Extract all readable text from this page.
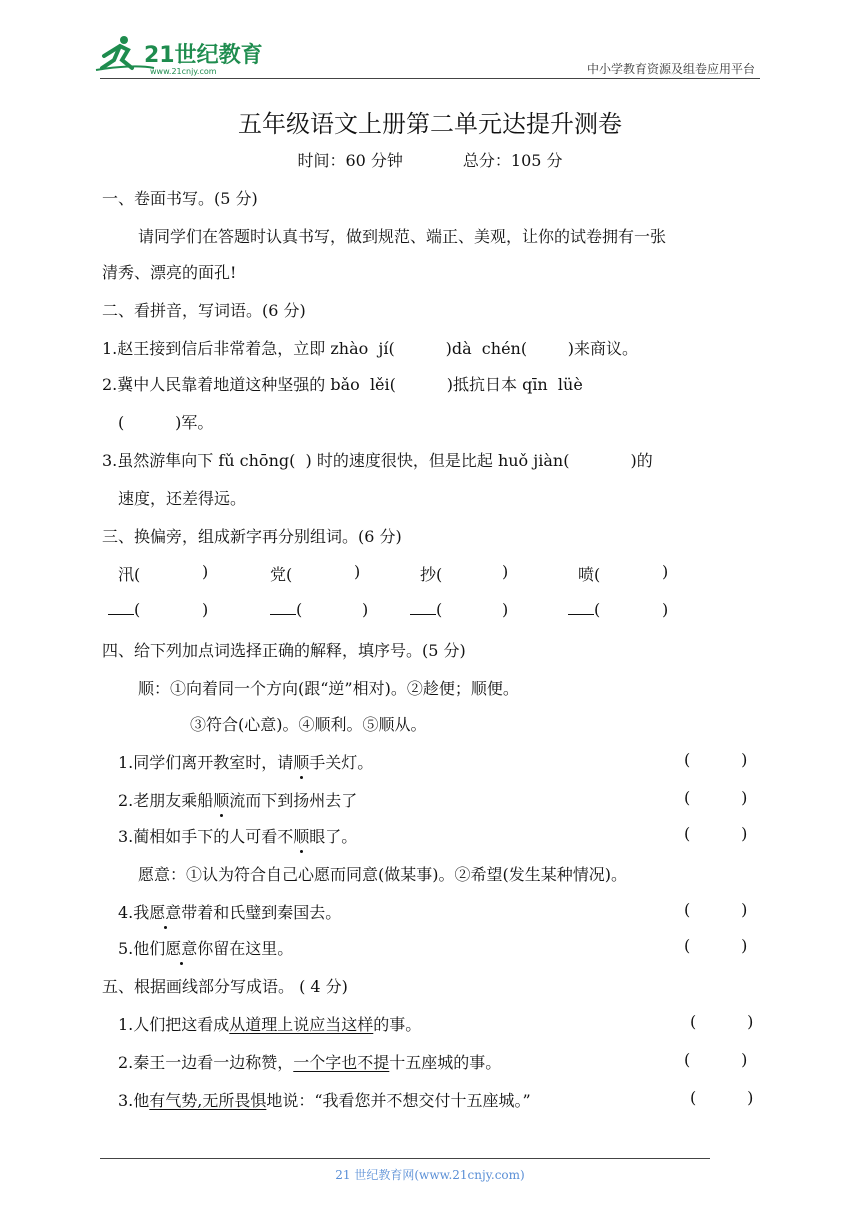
21世纪教育
www.21cnjy.com	中小学教育资源及组卷应用平台
五年级语文上册第二单元达提升测卷
时间：60 分钟	总分：105 分
一、卷面书写。(5 分)
请同学们在答题时认真书写，做到规范、端正、美观，让你的试卷拥有一张
清秀、漂亮的面孔!
二、看拼音，写词语。(6 分)
1.赵王接到信后非常着急，立即 zhào  jí(          )dà  chén(        )来商议。
2.冀中人民靠着地道这种坚强的 bǎo  lěi(          )抵抗日本 qīn  lüè
(          )军。
3.虽然游隼向下 fǔ chōng(  ) 时的速度很快，但是比起 huǒ jiàn(            )的
速度，还差得远。
三、换偏旁，组成新字再分别组词。(6 分)
汛(	)	党(	)	抄(	)	喷(	)
(	)	(	)	(	)	(	)
四、给下列加点词选择正确的解释，填序号。(5 分)
顺：①向着同一个方向(跟“逆”相对)。②趁便；顺便。
③符合(心意)。④顺利。⑤顺从。
1.同学们离开教室时，请顺手关灯。	(          )
2.老朋友乘船顺流而下到扬州去了	(          )
3.蔺相如手下的人可看不顺眼了。	(          )
愿意：①认为符合自己心愿而同意(做某事)。②希望(发生某种情况)。
4.我愿意带着和氏璧到秦国去。	(          )
5.他们愿意你留在这里。	(          )
五、根据画线部分写成语。 ( 4 分)
1.人们把这看成从道理上说应当这样的事。	(          )
2.秦王一边看一边称赞，一个字也不提十五座城的事。	(          )
3.他有气势,无所畏惧地说：“我看您并不想交付十五座城。”	(          )
21 世纪教育网(www.21cnjy.com)
